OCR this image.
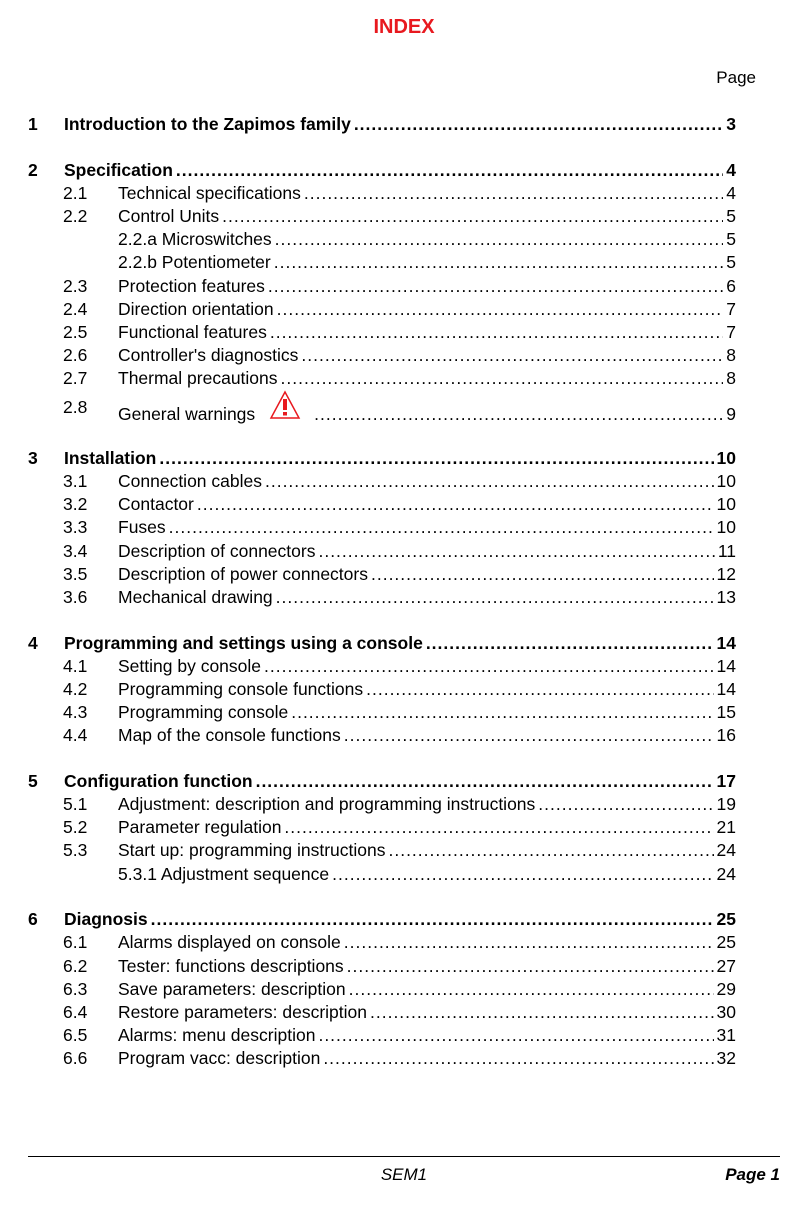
INDEX
Page
1 Introduction to the Zapimos family .....	3
2 Specification .....	4
2.1 Technical specifications .....	4
2.2 Control Units .....	5
2.2.a Microswitches .....	5
2.2.b Potentiometer .....	5
2.3 Protection features .....	6
2.4 Direction orientation .....	7
2.5 Functional features .....	7
2.6 Controller's diagnostics .....	8
2.7 Thermal precautions .....	8
2.8 General warnings .....	9
3 Installation .....	10
3.1 Connection cables .....	10
3.2 Contactor .....	10
3.3 Fuses .....	10
3.4 Description of connectors .....	11
3.5 Description of power connectors .....	12
3.6 Mechanical drawing .....	13
4 Programming and settings using a console .....	14
4.1 Setting by console .....	14
4.2 Programming console functions .....	14
4.3 Programming console .....	15
4.4 Map of the console functions .....	16
5 Configuration function .....	17
5.1 Adjustment: description and programming instructions .....	19
5.2 Parameter regulation .....	21
5.3 Start up: programming instructions .....	24
5.3.1 Adjustment sequence .....	24
6 Diagnosis .....	25
6.1 Alarms displayed on console .....	25
6.2 Tester: functions descriptions .....	27
6.3 Save parameters: description .....	29
6.4 Restore parameters: description .....	30
6.5 Alarms: menu description .....	31
6.6 Program vacc: description .....	32
SEM1	Page 1
